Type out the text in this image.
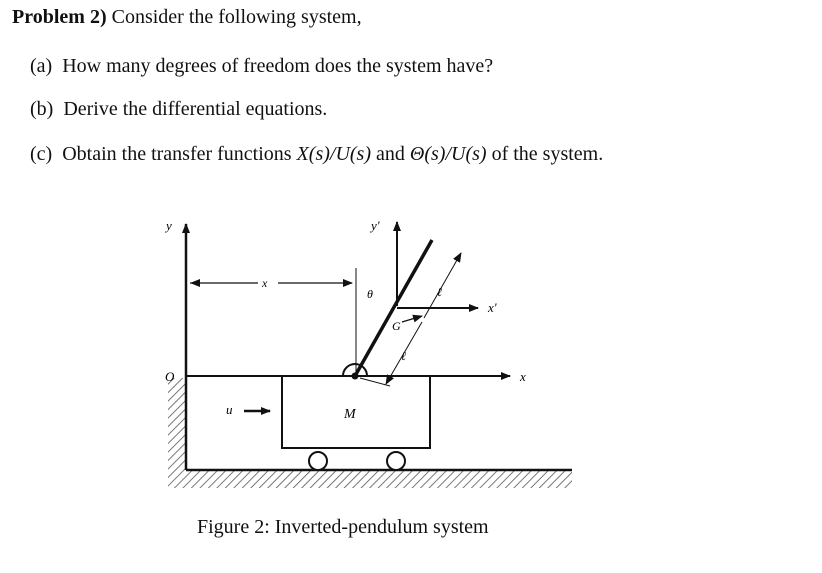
Problem 2) Consider the following system,
(a) How many degrees of freedom does the system have?
(b) Derive the differential equations.
(c) Obtain the transfer functions X(s)/U(s) and Θ(s)/U(s) of the system.
y
x
O
M
u
x
θ
y'
x'
G
ℓ
ℓ
Figure 2: Inverted-pendulum system
